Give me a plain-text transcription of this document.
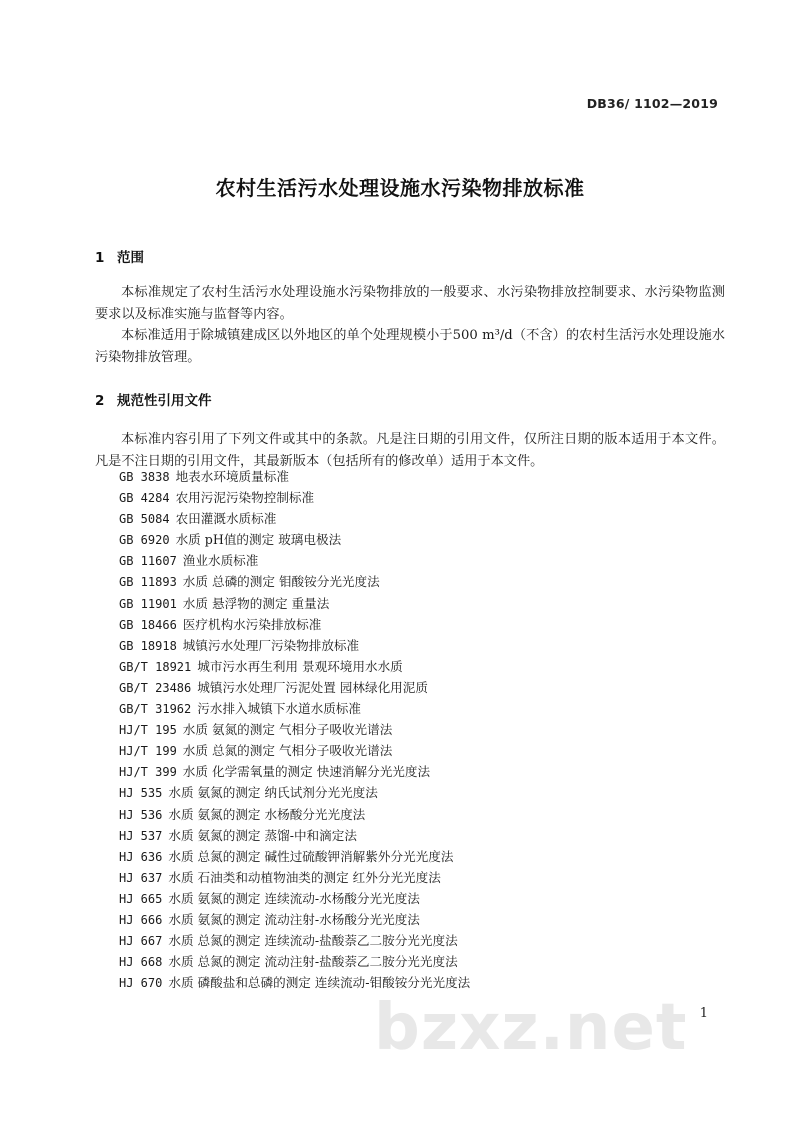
DB36/ 1102—2019
农村生活污水处理设施水污染物排放标准
1 范围

本标准规定了农村生活污水处理设施水污染物排放的一般要求、水污染物排放控制要求、水污染物监测要求以及标准实施与监督等内容。

本标准适用于除城镇建成区以外地区的单个处理规模小于500 m³/d（不含）的农村生活污水处理设施水污染物排放管理。

2 规范性引用文件

本标准内容引用了下列文件或其中的条款。凡是注日期的引用文件，仅所注日期的版本适用于本文件。凡是不注日期的引用文件，其最新版本（包括所有的修改单）适用于本文件。

GB 3838 地表水环境质量标准
GB 4284 农用污泥污染物控制标准
GB 5084 农田灌溉水质标准
GB 6920 水质 pH值的测定 玻璃电极法
GB 11607 渔业水质标准
GB 11893 水质 总磷的测定 钼酸铵分光光度法
GB 11901 水质 悬浮物的测定 重量法
GB 18466 医疗机构水污染排放标准
GB 18918 城镇污水处理厂污染物排放标准
GB/T 18921 城市污水再生利用 景观环境用水水质
GB/T 23486 城镇污水处理厂污泥处置 园林绿化用泥质
GB/T 31962 污水排入城镇下水道水质标准
HJ/T 195 水质 氨氮的测定 气相分子吸收光谱法
HJ/T 199 水质 总氮的测定 气相分子吸收光谱法
HJ/T 399 水质 化学需氧量的测定 快速消解分光光度法
HJ 535 水质 氨氮的测定 纳氏试剂分光光度法
HJ 536 水质 氨氮的测定 水杨酸分光光度法
HJ 537 水质 氨氮的测定 蒸馏-中和滴定法
HJ 636 水质 总氮的测定 碱性过硫酸钾消解紫外分光光度法
HJ 637 水质 石油类和动植物油类的测定 红外分光光度法
HJ 665 水质 氨氮的测定 连续流动-水杨酸分光光度法
HJ 666 水质 氨氮的测定 流动注射-水杨酸分光光度法
HJ 667 水质 总氮的测定 连续流动-盐酸萘乙二胺分光光度法
HJ 668 水质 总氮的测定 流动注射-盐酸萘乙二胺分光光度法
HJ 670 水质 磷酸盐和总磷的测定 连续流动-钼酸铵分光光度法
1
bzxz.net
